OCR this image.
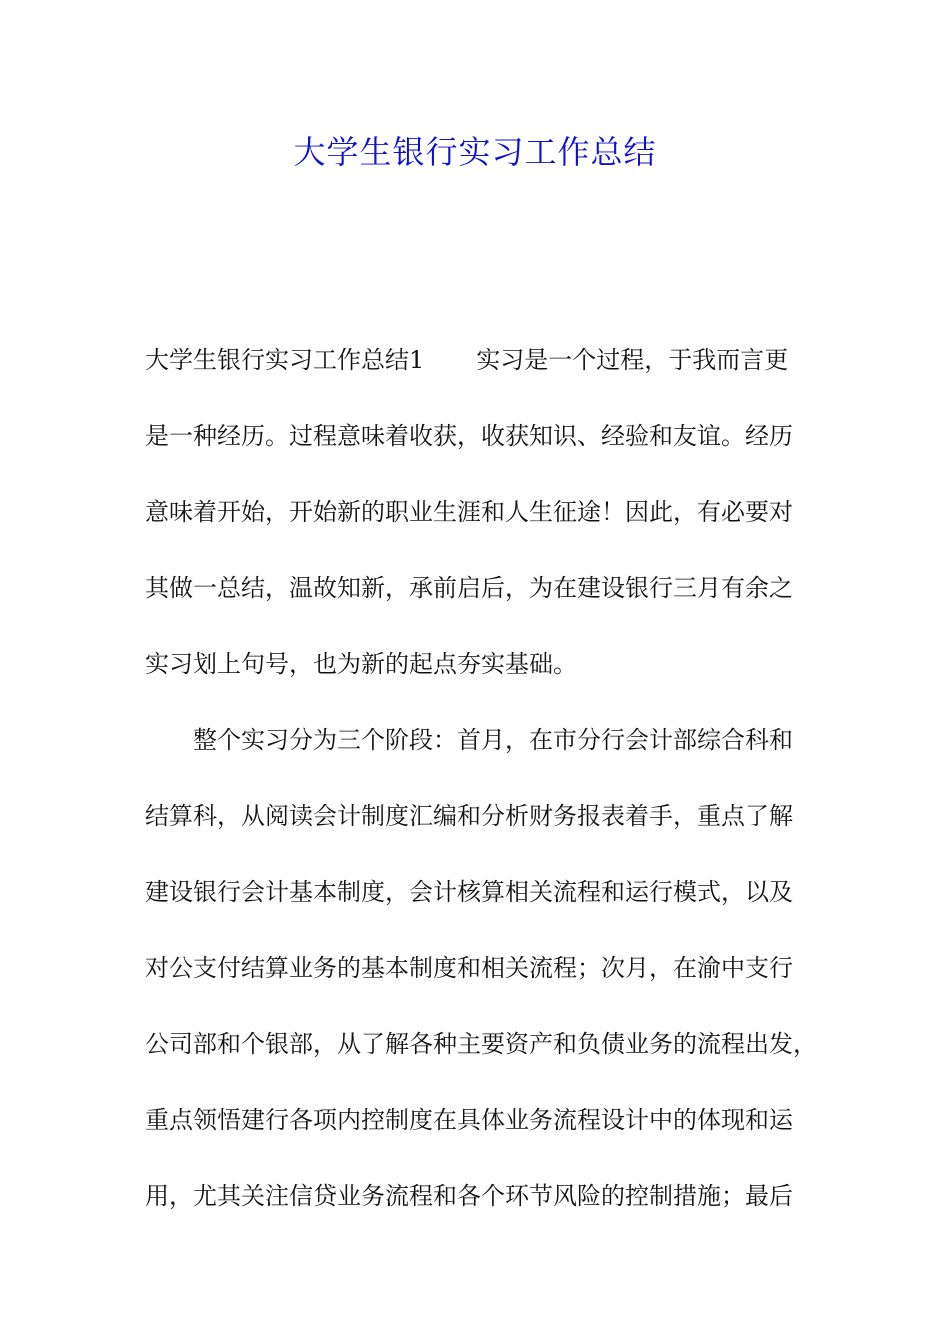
大学生银行实习工作总结

大学生银行实习工作总结1 实习是一个过程，于我而言更

是一种经历。过程意味着收获，收获知识、经验和友谊。经历

意味着开始，开始新的职业生涯和人生征途！因此，有必要对

其做一总结，温故知新，承前启后，为在建设银行三月有余之

实习划上句号，也为新的起点夯实基础。

整个实习分为三个阶段：首月，在市分行会计部综合科和

结算科，从阅读会计制度汇编和分析财务报表着手，重点了解

建设银行会计基本制度，会计核算相关流程和运行模式，以及

对公支付结算业务的基本制度和相关流程；次月，在渝中支行

公司部和个银部，从了解各种主要资产和负债业务的流程出发，

重点领悟建行各项内控制度在具体业务流程设计中的体现和运

用，尤其关注信贷业务流程和各个环节风险的控制措施；最后
